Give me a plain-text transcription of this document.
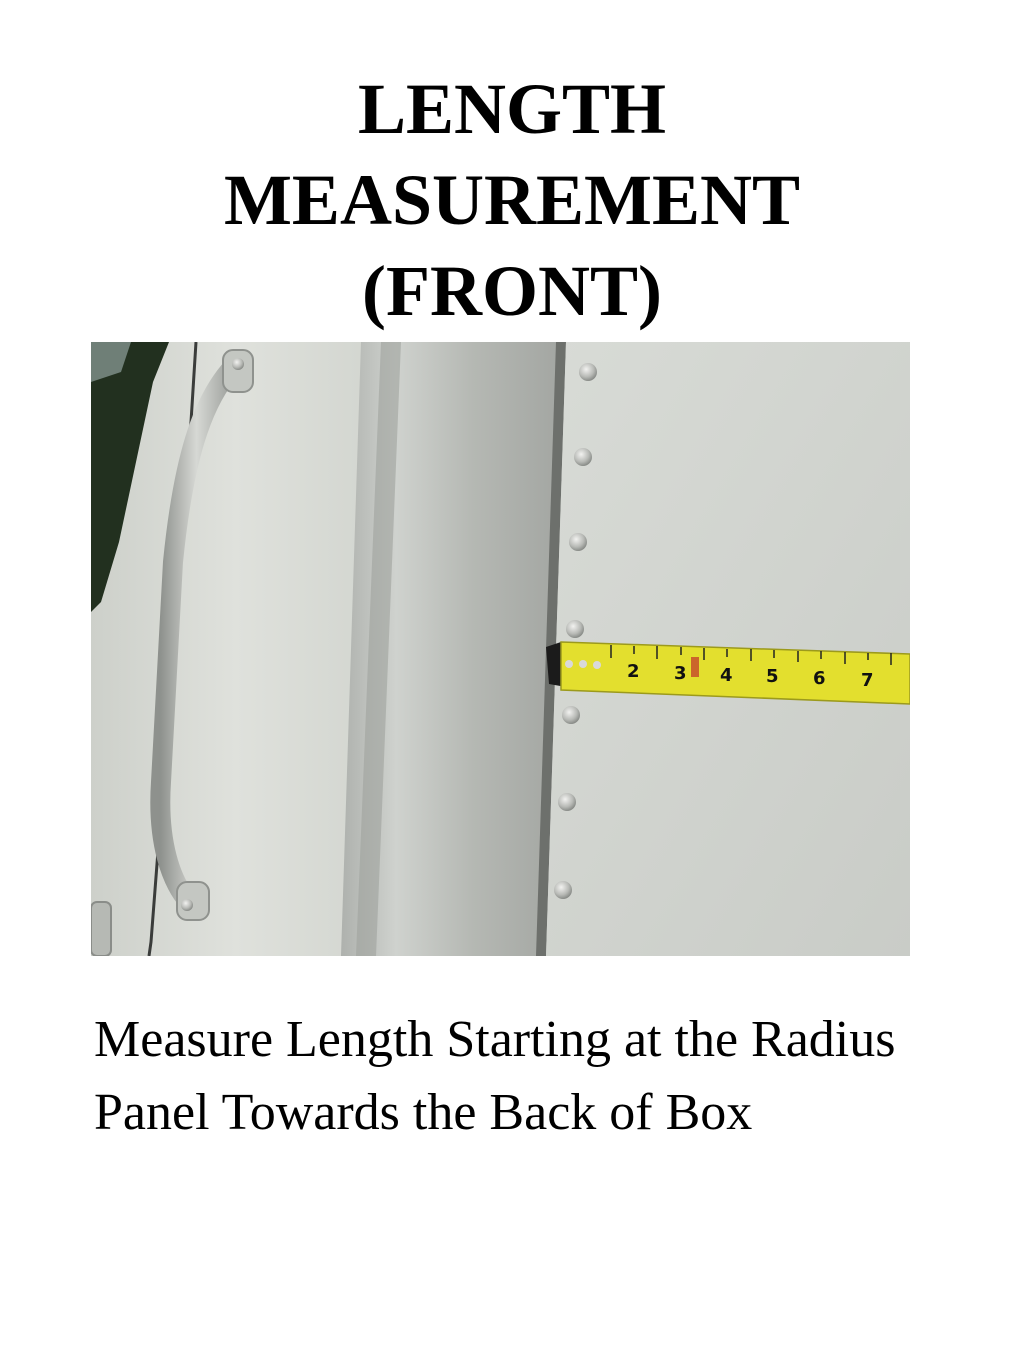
LENGTH
MEASUREMENT
(FRONT)
2 3 4 5 6 7

Measure Length Starting at the Radius Panel Towards the Back of Box
